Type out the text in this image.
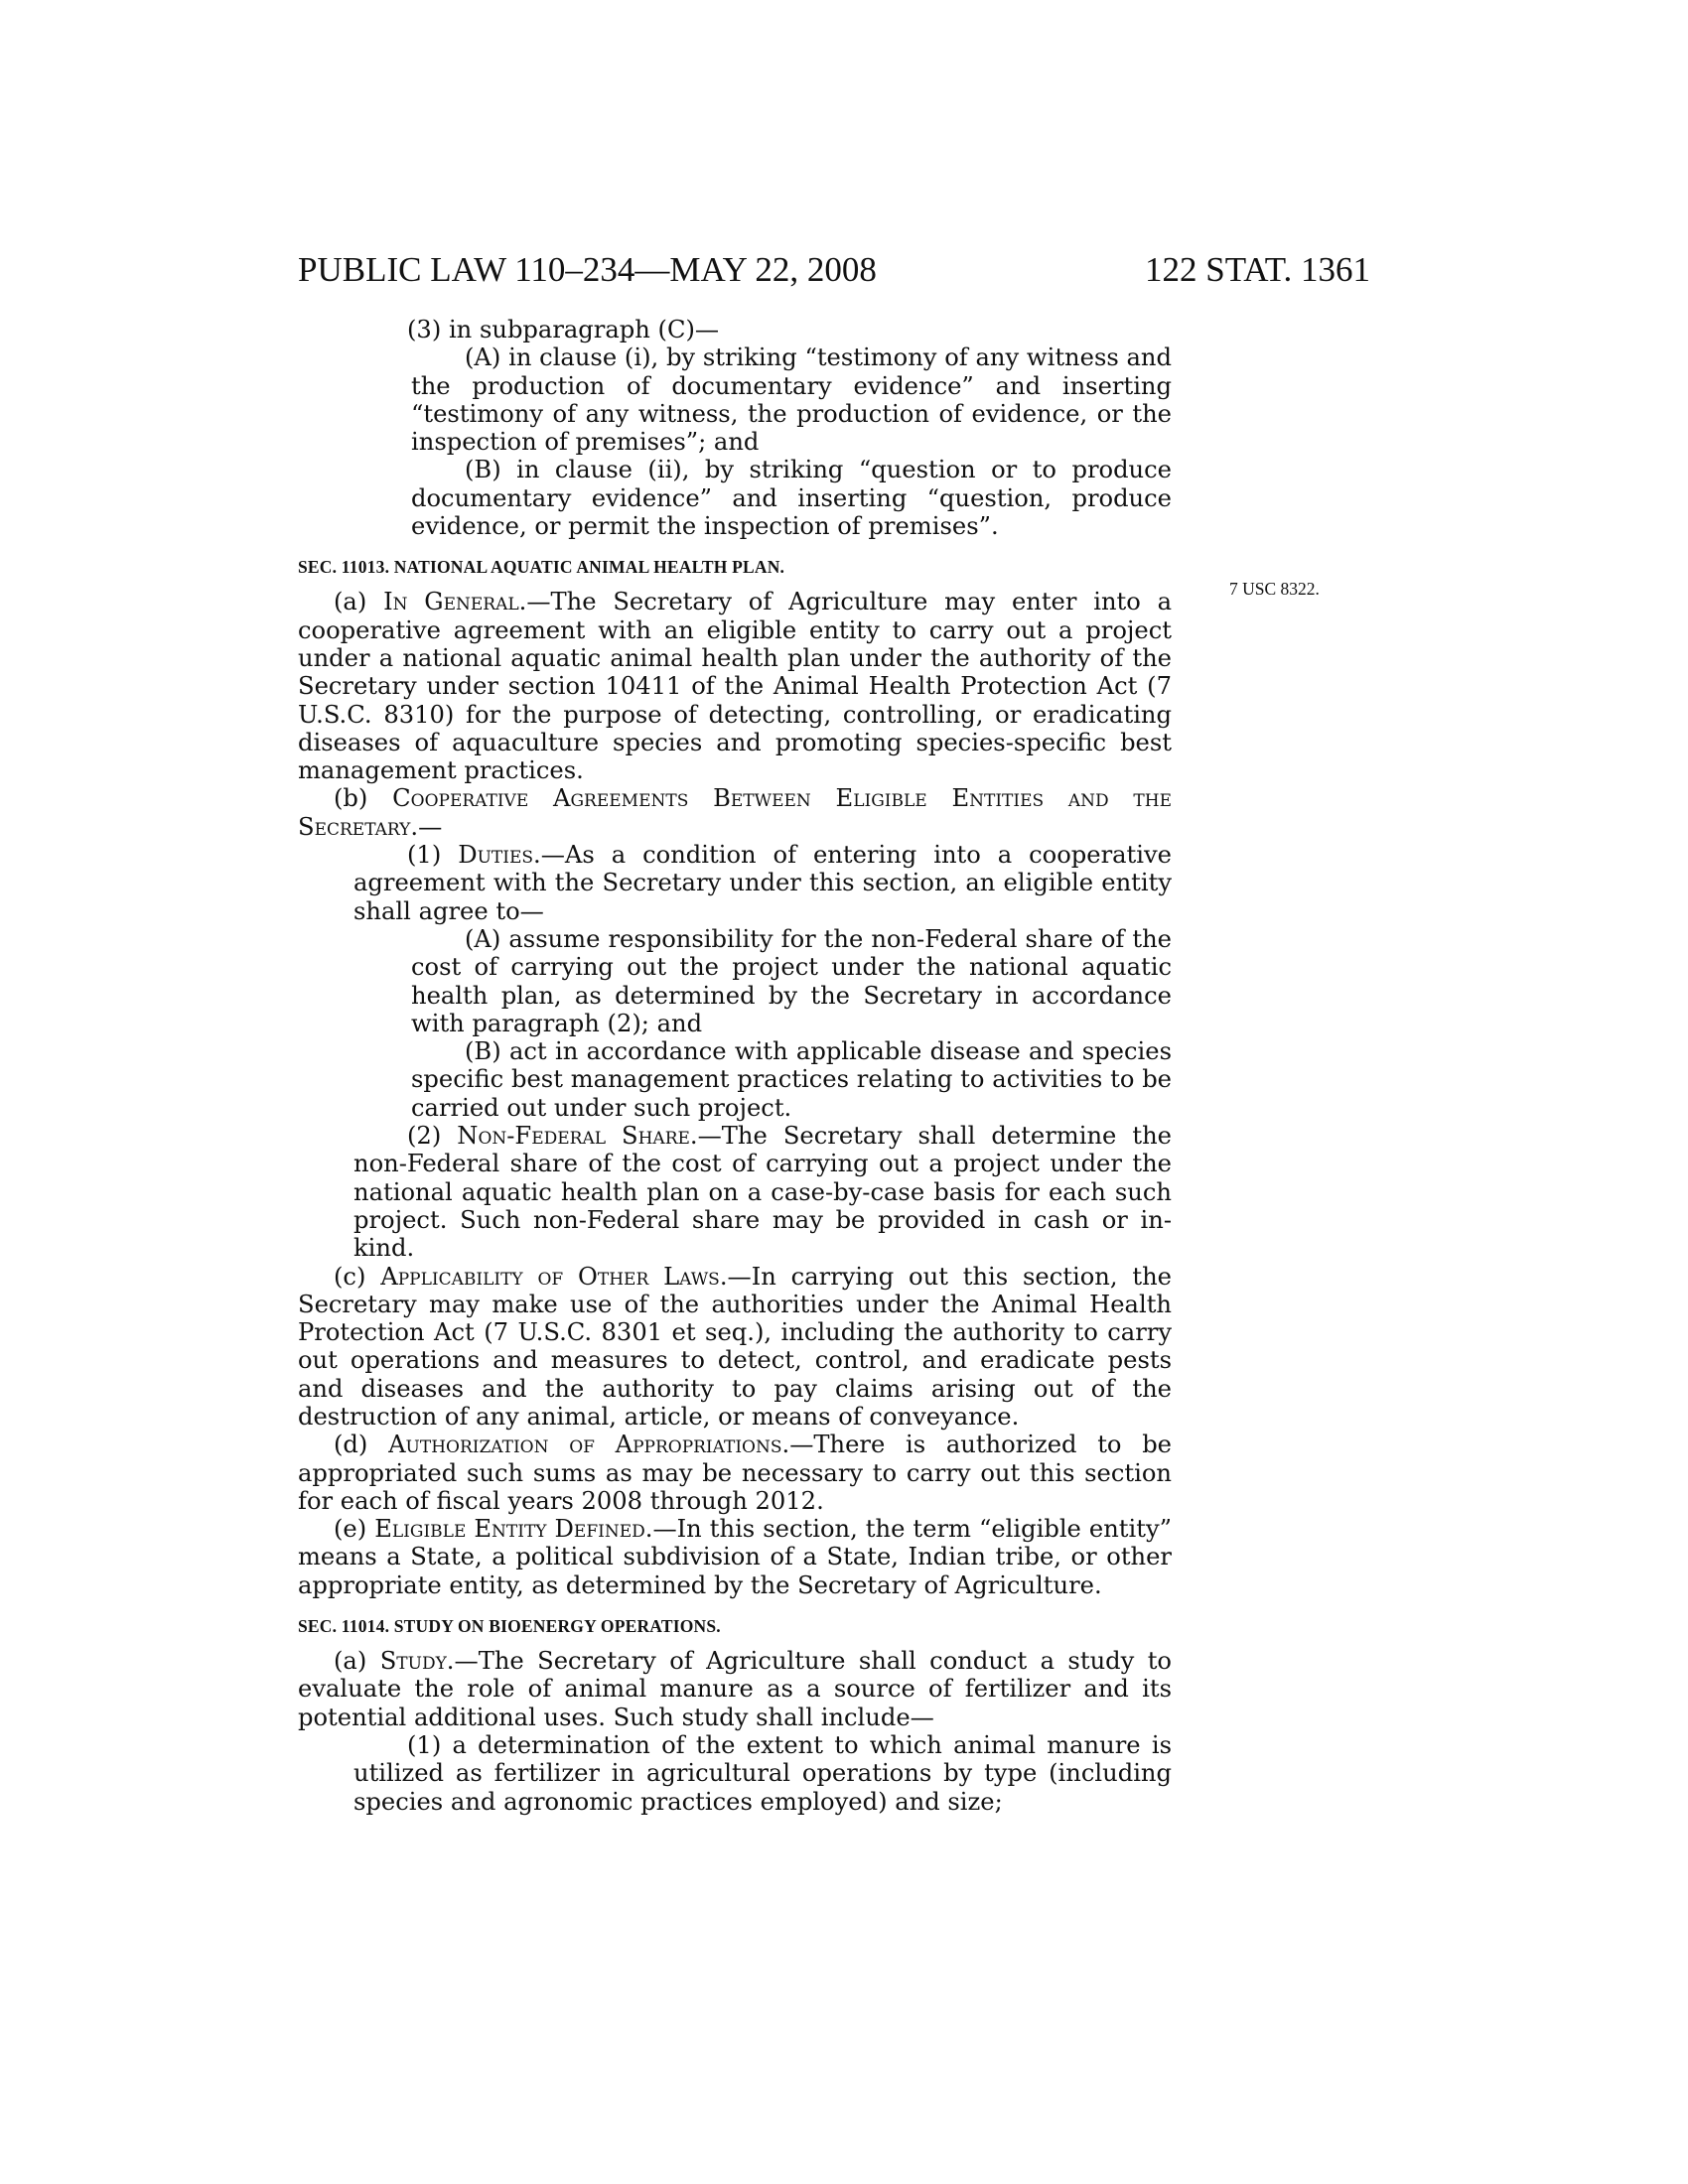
PUBLIC LAW 110–234—MAY 22, 2008	122 STAT. 1361
7 USC 8322.

(3) in subparagraph (C)—

(A) in clause (i), by striking “testimony of any witness and the production of documentary evidence” and inserting “testimony of any witness, the production of evidence, or the inspection of premises”; and

(B) in clause (ii), by striking “question or to produce documentary evidence” and inserting “question, produce evidence, or permit the inspection of premises”.

SEC. 11013. NATIONAL AQUATIC ANIMAL HEALTH PLAN.

(a) In General.—The Secretary of Agriculture may enter into a cooperative agreement with an eligible entity to carry out a project under a national aquatic animal health plan under the authority of the Secretary under section 10411 of the Animal Health Protection Act (7 U.S.C. 8310) for the purpose of detecting, controlling, or eradicating diseases of aquaculture species and promoting species-specific best management practices.

(b) Cooperative Agreements Between Eligible Entities and the Secretary.—

(1) Duties.—As a condition of entering into a cooperative agreement with the Secretary under this section, an eligible entity shall agree to—

(A) assume responsibility for the non-Federal share of the cost of carrying out the project under the national aquatic health plan, as determined by the Secretary in accordance with paragraph (2); and

(B) act in accordance with applicable disease and species specific best management practices relating to activities to be carried out under such project.

(2) Non-Federal Share.—The Secretary shall determine the non-Federal share of the cost of carrying out a project under the national aquatic health plan on a case-by-case basis for each such project. Such non-Federal share may be provided in cash or in-kind.

(c) Applicability of Other Laws.—In carrying out this section, the Secretary may make use of the authorities under the Animal Health Protection Act (7 U.S.C. 8301 et seq.), including the authority to carry out operations and measures to detect, control, and eradicate pests and diseases and the authority to pay claims arising out of the destruction of any animal, article, or means of conveyance.

(d) Authorization of Appropriations.—There is authorized to be appropriated such sums as may be necessary to carry out this section for each of fiscal years 2008 through 2012.

(e) Eligible Entity Defined.—In this section, the term “eligible entity” means a State, a political subdivision of a State, Indian tribe, or other appropriate entity, as determined by the Secretary of Agriculture.

SEC. 11014. STUDY ON BIOENERGY OPERATIONS.

(a) Study.—The Secretary of Agriculture shall conduct a study to evaluate the role of animal manure as a source of fertilizer and its potential additional uses. Such study shall include—

(1) a determination of the extent to which animal manure is utilized as fertilizer in agricultural operations by type (including species and agronomic practices employed) and size;
